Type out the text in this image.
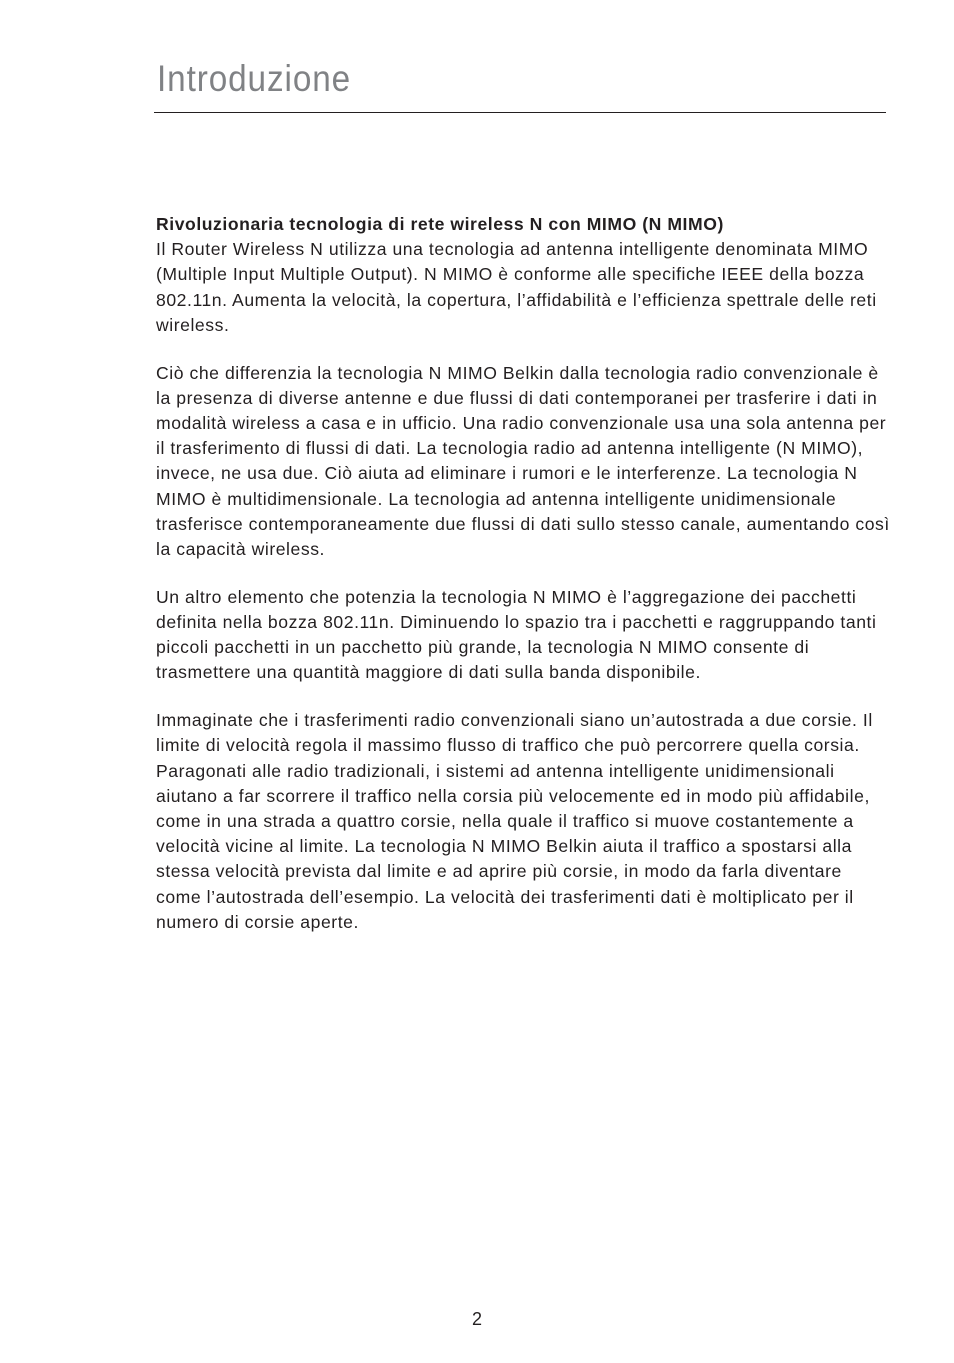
Introduzione

Rivoluzionaria tecnologia di rete wireless N con MIMO (N MIMO)
Il Router Wireless N utilizza una tecnologia ad antenna intelligente denominata MIMO (Multiple Input Multiple Output). N MIMO è conforme alle specifiche IEEE della bozza 802.11n. Aumenta la velocità, la copertura, l’affidabilità e l’efficienza spettrale delle reti wireless.

Ciò che differenzia la tecnologia N MIMO Belkin dalla tecnologia radio convenzionale è la presenza di diverse antenne e due flussi di dati contemporanei per trasferire i dati in modalità wireless a casa e in ufficio. Una radio convenzionale usa una sola antenna per il trasferimento di flussi di dati. La tecnologia radio ad antenna intelligente (N MIMO), invece, ne usa due. Ciò aiuta ad eliminare i rumori e le interferenze. La tecnologia N MIMO è multidimensionale. La tecnologia ad antenna intelligente unidimensionale trasferisce contemporaneamente due flussi di dati sullo stesso canale, aumentando così la capacità wireless.

Un altro elemento che potenzia la tecnologia N MIMO è l’aggregazione dei pacchetti definita nella bozza 802.11n. Diminuendo lo spazio tra i pacchetti e raggruppando tanti piccoli pacchetti in un pacchetto più grande, la tecnologia N MIMO consente di trasmettere una quantità maggiore di dati sulla banda disponibile.

Immaginate che i trasferimenti radio convenzionali siano un’autostrada a due corsie. Il limite di velocità regola il massimo flusso di traffico che può percorrere quella corsia. Paragonati alle radio tradizionali, i sistemi ad antenna intelligente unidimensionali aiutano a far scorrere il traffico nella corsia più velocemente ed in modo più affidabile, come in una strada a quattro corsie, nella quale il traffico si muove costantemente a velocità vicine al limite. La tecnologia N MIMO Belkin aiuta il traffico a spostarsi alla stessa velocità prevista dal limite e ad aprire più corsie, in modo da farla diventare come l’autostrada dell’esempio. La velocità dei trasferimenti dati è moltiplicato per il numero di corsie aperte.

2
